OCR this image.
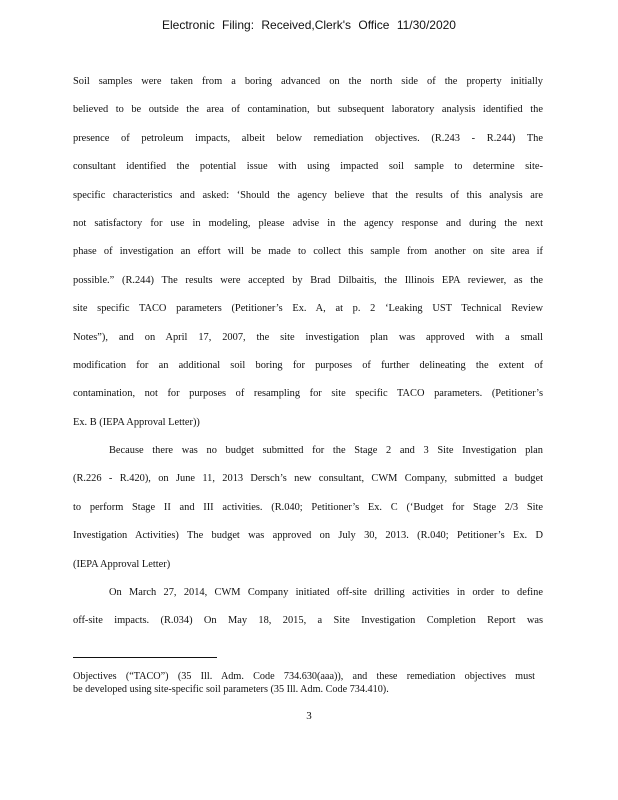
Electronic Filing: Received,Clerk's Office 11/30/2020
Soil samples were taken from a boring advanced on the north side of the property initially
believed to be outside the area of contamination, but subsequent laboratory analysis identified the
presence of petroleum impacts, albeit below remediation objectives. (R.243 - R.244) The
consultant identified the potential issue with using impacted soil sample to determine site-
specific characteristics and asked: ‘Should the agency believe that the results of this analysis are
not satisfactory for use in modeling, please advise in the agency response and during the next
phase of investigation an effort will be made to collect this sample from another on site area if
possible.” (R.244) The results were accepted by Brad Dilbaitis, the Illinois EPA reviewer, as the
site specific TACO parameters (Petitioner’s Ex. A, at p. 2 ‘Leaking UST Technical Review
Notes”), and on April 17, 2007, the site investigation plan was approved with a small
modification for an additional soil boring for purposes of further delineating the extent of
contamination, not for purposes of resampling for site specific TACO parameters. (Petitioner’s
Ex. B (IEPA Approval Letter))
Because there was no budget submitted for the Stage 2 and 3 Site Investigation plan
(R.226 - R.420), on June 11, 2013 Dersch’s new consultant, CWM Company, submitted a budget
to perform Stage II and III activities. (R.040; Petitioner’s Ex. C (‘Budget for Stage 2/3 Site
Investigation Activities) The budget was approved on July 30, 2013. (R.040; Petitioner’s Ex. D
(IEPA Approval Letter)
On March 27, 2014, CWM Company initiated off-site drilling activities in order to define
off-site impacts. (R.034) On May 18, 2015, a Site Investigation Completion Report was
Objectives (“TACO”) (35 Ill. Adm. Code 734.630(aaa)), and these remediation objectives must
be developed using site-specific soil parameters (35 Ill. Adm. Code 734.410).
3
